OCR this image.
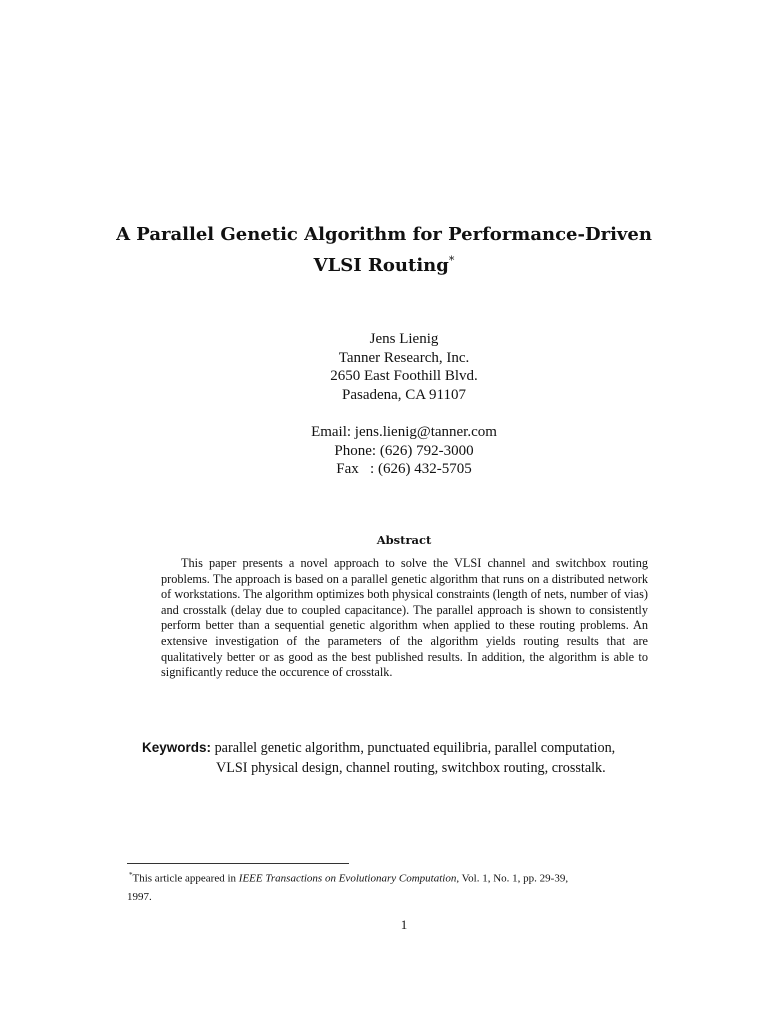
A Parallel Genetic Algorithm for Performance-Driven
VLSI Routing*
Jens Lienig
Tanner Research, Inc.
2650 East Foothill Blvd.
Pasadena, CA 91107
Email: jens.lienig@tanner.com
Phone: (626) 792-3000
Fax   : (626) 432-5705
Abstract
This paper presents a novel approach to solve the VLSI channel and switchbox routing problems. The approach is based on a parallel genetic algorithm that runs on a distributed network of workstations. The algorithm optimizes both physical constraints (length of nets, number of vias) and crosstalk (delay due to coupled capacitance). The parallel approach is shown to consistently perform better than a sequential genetic algorithm when applied to these routing problems. An extensive investigation of the parameters of the algorithm yields routing results that are qualitatively better or as good as the best published results. In addition, the algorithm is able to significantly reduce the occurence of crosstalk.
Keywords: parallel genetic algorithm, punctuated equilibria, parallel computation,
VLSI physical design, channel routing, switchbox routing, crosstalk.
*This article appeared in IEEE Transactions on Evolutionary Computation, Vol. 1, No. 1, pp. 29-39,
1997.
1
